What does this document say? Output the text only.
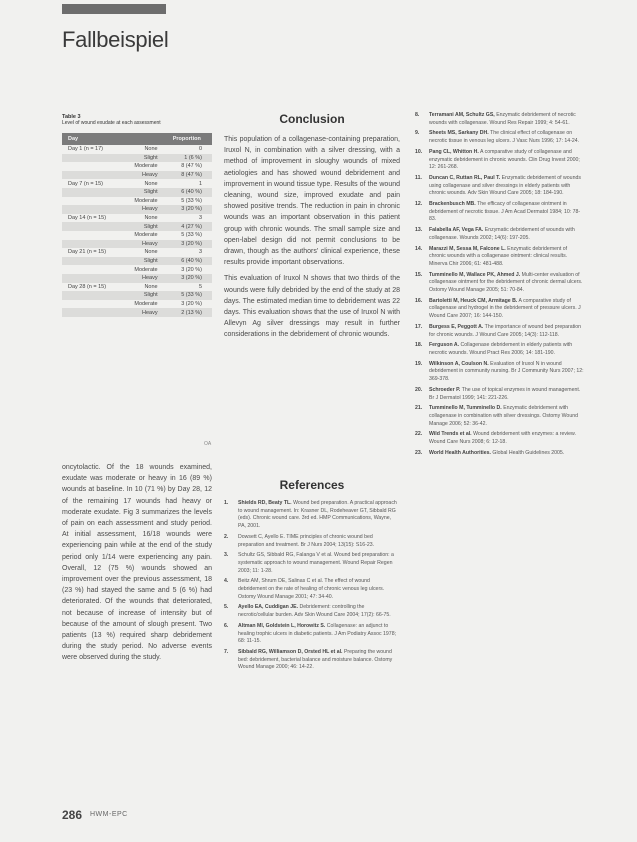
Fallbeispiel
Table 3
Level of wound exudate at each assessment
Day		Proportion
Day 1 (n = 17)	None	0
	Slight	1 (6 %)
	Moderate	8 (47 %)
	Heavy	8 (47 %)
Day 7 (n = 15)	None	1
	Slight	6 (40 %)
	Moderate	5 (33 %)
	Heavy	3 (20 %)
Day 14 (n = 15)	None	3
	Slight	4 (27 %)
	Moderate	5 (33 %)
	Heavy	3 (20 %)
Day 21 (n = 15)	None	3
	Slight	6 (40 %)
	Moderate	3 (20 %)
	Heavy	3 (20 %)
Day 28 (n = 15)	None	5
	Slight	5 (33 %)
	Moderate	3 (20 %)
	Heavy	2 (13 %)
OA

oncytolactic. Of the 18 wounds examined, exudate was moderate or heavy in 16 (89 %) wounds at baseline. In 10 (71 %) by Day 28, 12 of the remaining 17 wounds had heavy or moderate exudate. Fig 3 summarizes the levels of pain on each assessment and study period. At initial assessment, 16/18 wounds were experiencing pain while at the end of the study period only 1/14 were experiencing any pain. Overall, 12 (75 %) wounds showed an improvement over the previous assessment, 18 (23 %) had stayed the same and 5 (6 %) had deteriorated. Of the wounds that deteriorated, not because of increase of intensity but of because of the amount of slough present. Two patients (13 %) required sharp debridement during the study period. No adverse events were observed during the study.

Conclusion

This population of a collagenase-containing preparation, Iruxol N, in combination with a silver dressing, with a method of improvement in sloughy wounds of mixed aetiologies and has showed wound debridement and improvement in wound tissue type. Results of the wound cleaning, wound size, improved exudate and pain showed positive trends. The reduction in pain in chronic wounds was an important observation in this patient group with chronic wounds. The small sample size and open-label design did not permit conclusions to be drawn, though as the authors' clinical experience, these results provide important observations.

This evaluation of Iruxol N shows that two thirds of the wounds were fully debrided by the end of the study at 28 days. The estimated median time to debridement was 22 days. This evaluation shows that the use of Iruxol N with Allevyn Ag silver dressings may result in further considerations in the debridement of chronic wounds.

References
1. Shields RD, Beaty TL. Wound bed preparation. A practical approach to wound management. In: Krasner DL, Rodeheaver GT, Sibbald RG (eds). Chronic wound care. 3rd ed. HMP Communications, Wayne, PA, 2001.
2. Dowsett C, Ayello E. TIME principles of chronic wound bed preparation and treatment. Br J Nurs 2004; 13(15): S16-23.
3. Schultz GS, Sibbald RG, Falanga V et al. Wound bed preparation: a systematic approach to wound management. Wound Repair Regen 2003; 11: 1-28.
4. Beitz AM, Shrum DE, Salinas C et al. The effect of wound debridement on the rate of healing of chronic venous leg ulcers. Ostomy Wound Manage 2001; 47: 34-40.
5. Ayello EA, Cuddigan JE. Debridement: controlling the necrotic/cellular burden. Adv Skin Wound Care 2004; 17(2): 66-75.
6. Altman MI, Goldstein L, Horowitz S. Collagenase: an adjunct to healing trophic ulcers in diabetic patients. J Am Podiatry Assoc 1978; 68: 11-15.
7. Sibbald RG, Williamson D, Orsted HL et al. Preparing the wound bed: debridement, bacterial balance and moisture balance. Ostomy Wound Manage 2000; 46: 14-22.
8. Terramani AM, Schultz GS, Enzymatic debridement of necrotic wounds with collagenase. Wound Res Repair 1999; 4: 54-61.
9. Sheets MS, Sarkany DH. The clinical effect of collagenase on necrotic tissue in venous leg ulcers. J Vasc Nurs 1996; 17: 14-24.
10. Pang CL, Whitton H. A comparative study of collagenase and enzymatic debridement in chronic wounds. Clin Drug Invest 2000; 12: 261-268.
11. Duncan C, Ruttan RL, Paul T. Enzymatic debridement of wounds using collagenase and silver dressings in elderly patients with chronic wounds. Adv Skin Wound Care 2005; 18: 184-190.
12. Brackenbusch MB. The efficacy of collagenase ointment in debridement of necrotic tissue. J Am Acad Dermatol 1984; 10: 78-83.
13. Falabella AF, Vega FA. Enzymatic debridement of wounds with collagenase. Wounds 2002; 14(6): 197-205.
14. Marazzi M, Sessa M, Falcone L. Enzymatic debridement of chronic wounds with a collagenase ointment: clinical results. Minerva Chir 2006; 61: 481-488.
15. Tumminello M, Wallace PK, Ahmed J. Multi-center evaluation of collagenase ointment for the debridement of chronic dermal ulcers. Ostomy Wound Manage 2005; 51: 70-84.
16. Bartoletti M, Heuck CM, Armitage B. A comparative study of collagenase and hydrogel in the debridement of pressure ulcers. J Wound Care 2007; 16: 144-150.
17. Burgess E, Peggott A. The importance of wound bed preparation for chronic wounds. J Wound Care 2005; 14(3): 112-118.
18. Ferguson A. Collagenase debridement in elderly patients with necrotic wounds. Wound Pract Res 2006; 14: 181-190.
19. Wilkinson A, Coulson N. Evaluation of Iruxol N in wound debridement in community nursing. Br J Community Nurs 2007; 12: 369-378.
20. Schroeder P. The use of topical enzymes in wound management. Br J Dermatol 1999; 141: 221-226.
21. Tumminello M, Tumminello D. Enzymatic debridement with collagenase in combination with silver dressings. Ostomy Wound Manage 2006; 52: 36-42.
22. Wild Trends et al. Wound debridement with enzymes: a review. Wound Care Nurs 2008; 6: 12-18.
23. World Health Authorities. Global Health Guidelines 2005.
286 HWM-EPC
